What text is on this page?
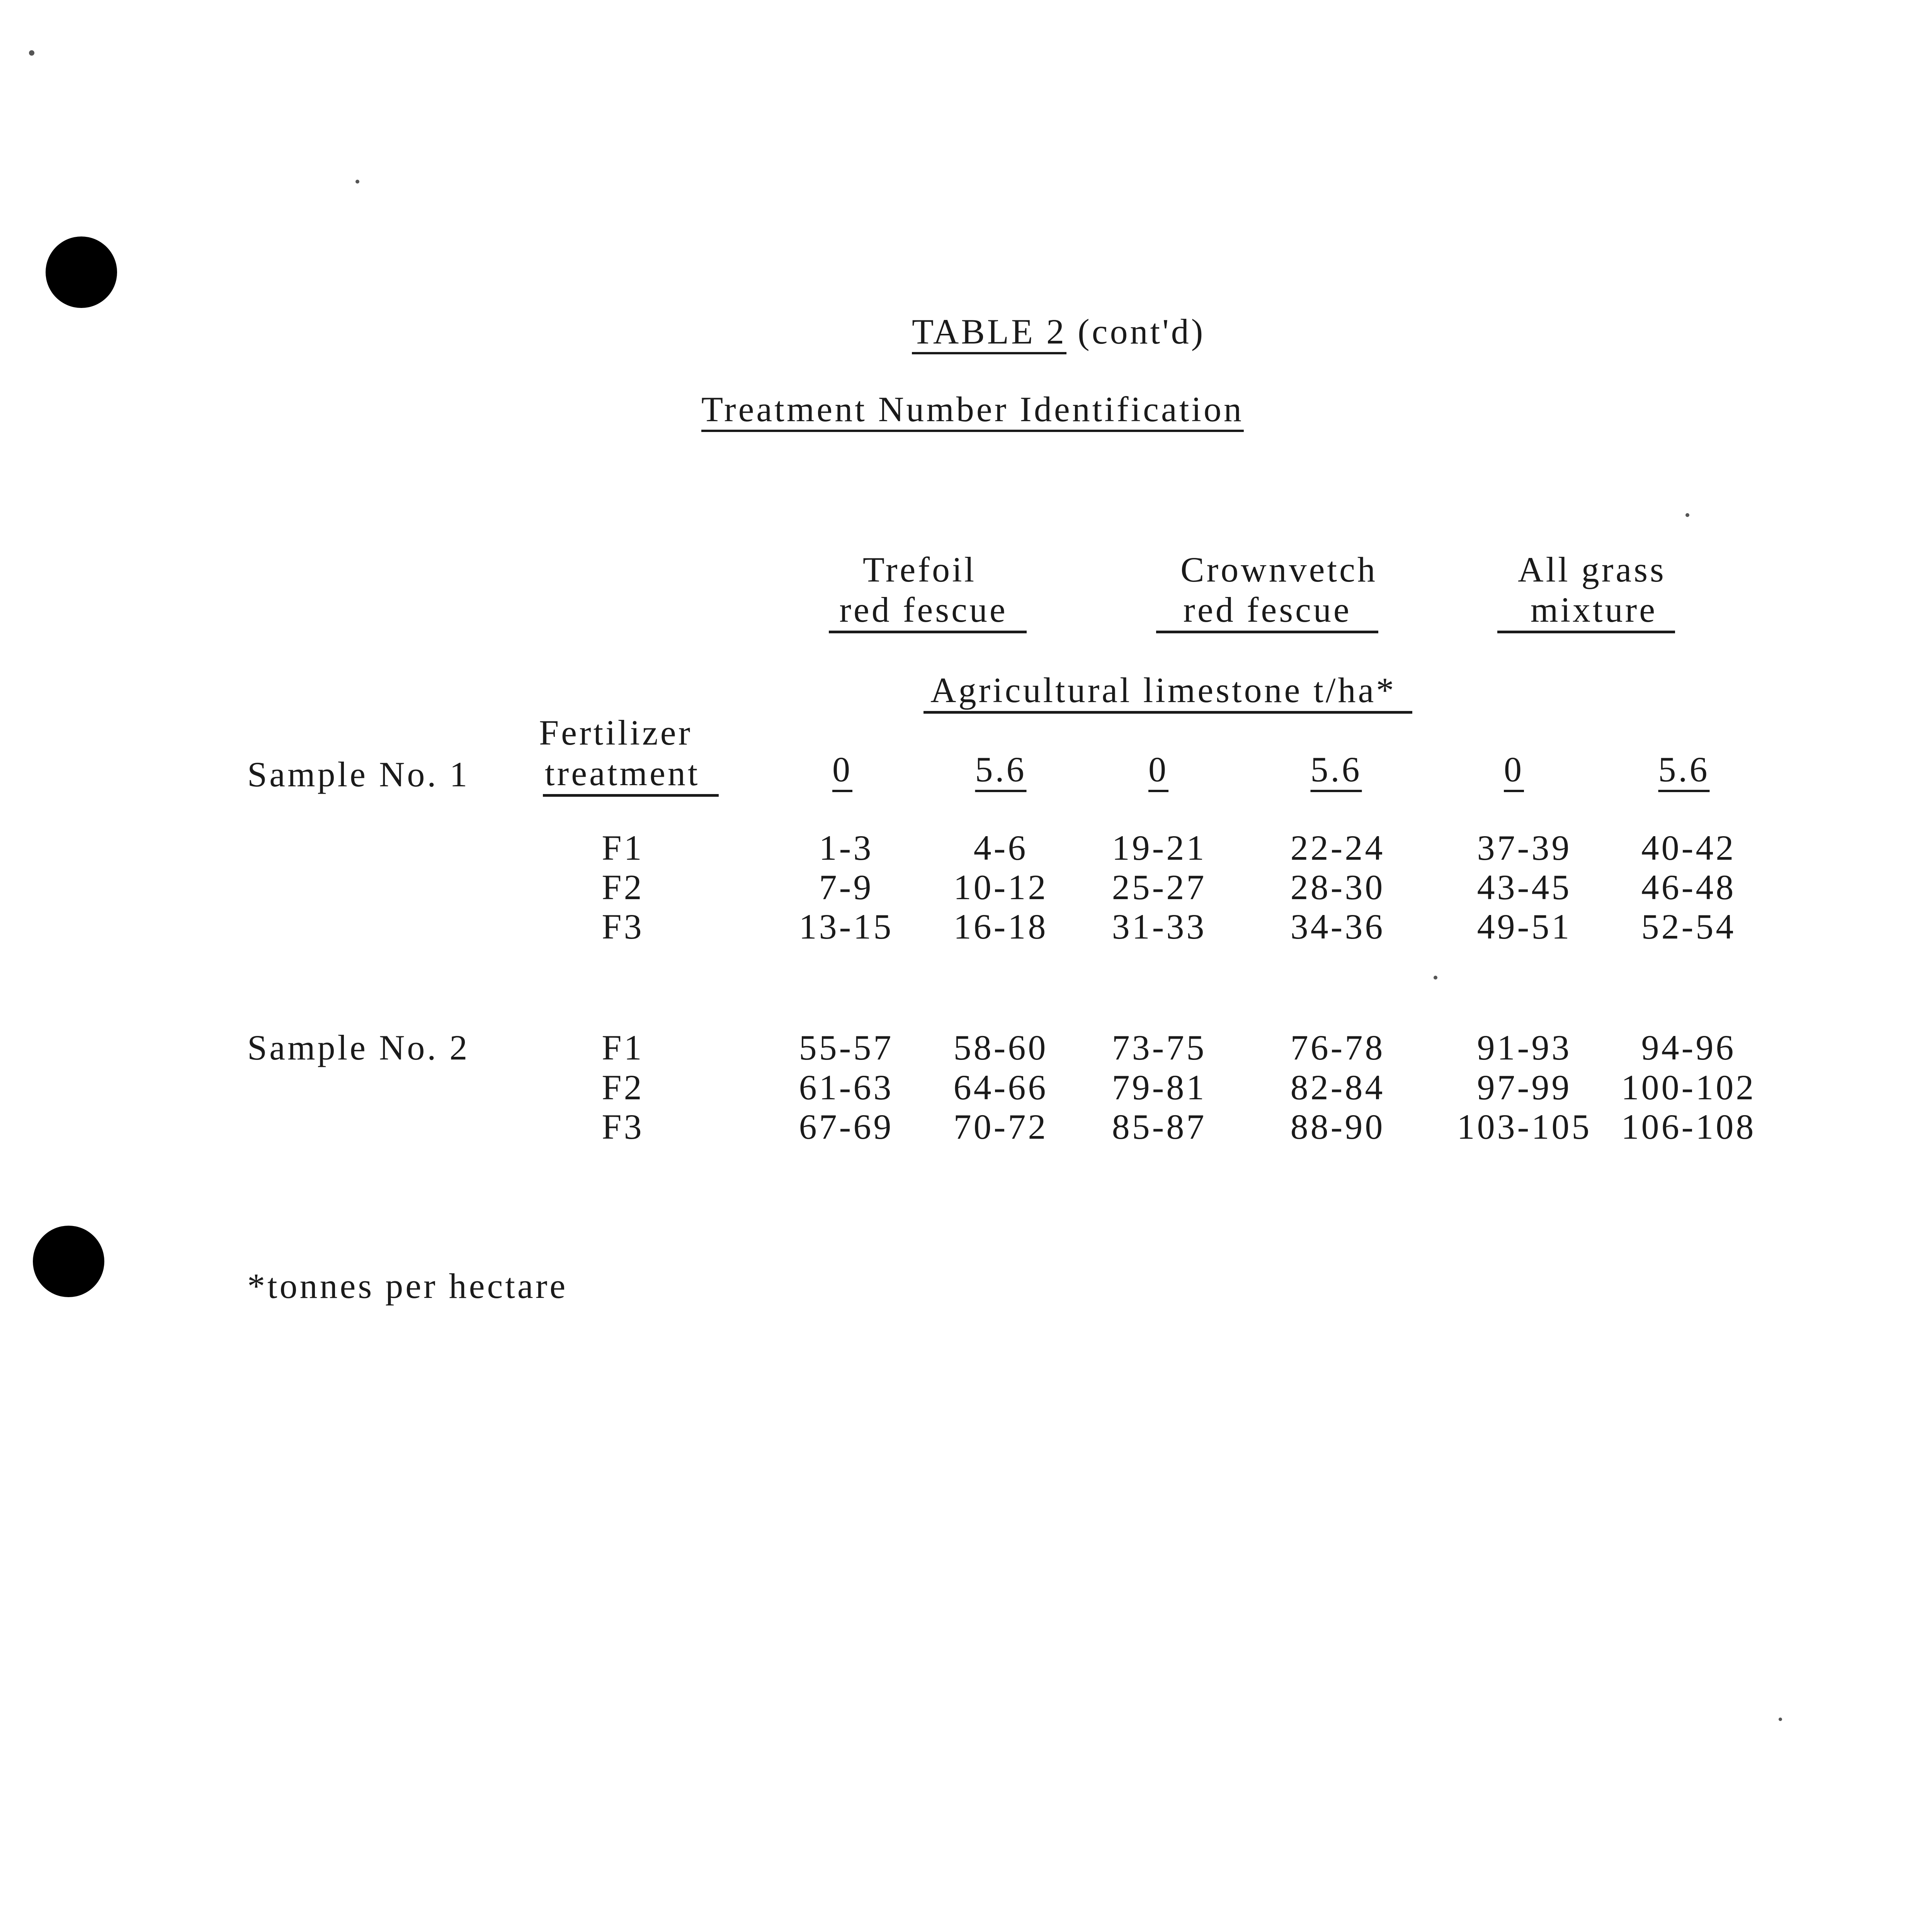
TABLE 2 (cont'd)
Treatment Number Identification
Trefoil
red fescue
Crownvetch
red fescue
All grass
mixture
Agricultural limestone t/ha*
Fertilizer
treatment
Sample No. 1	0	5.6	0	5.6	0	5.6
F1	1-3	4-6 19-21 22-24	37-39 40-42
F2	7-9 10-12 25-27 28-30	43-45 46-48
F3	13-15 16-18 31-33 34-36	49-51 52-54
Sample No. 2	F1	55-57 58-60 73-75 76-78	91-93 94-96
F2	61-63 64-66 79-81 82-84	97-99 100-102
F3	67-69 70-72 85-87 88-90 103-105 106-108
*tonnes per hectare
